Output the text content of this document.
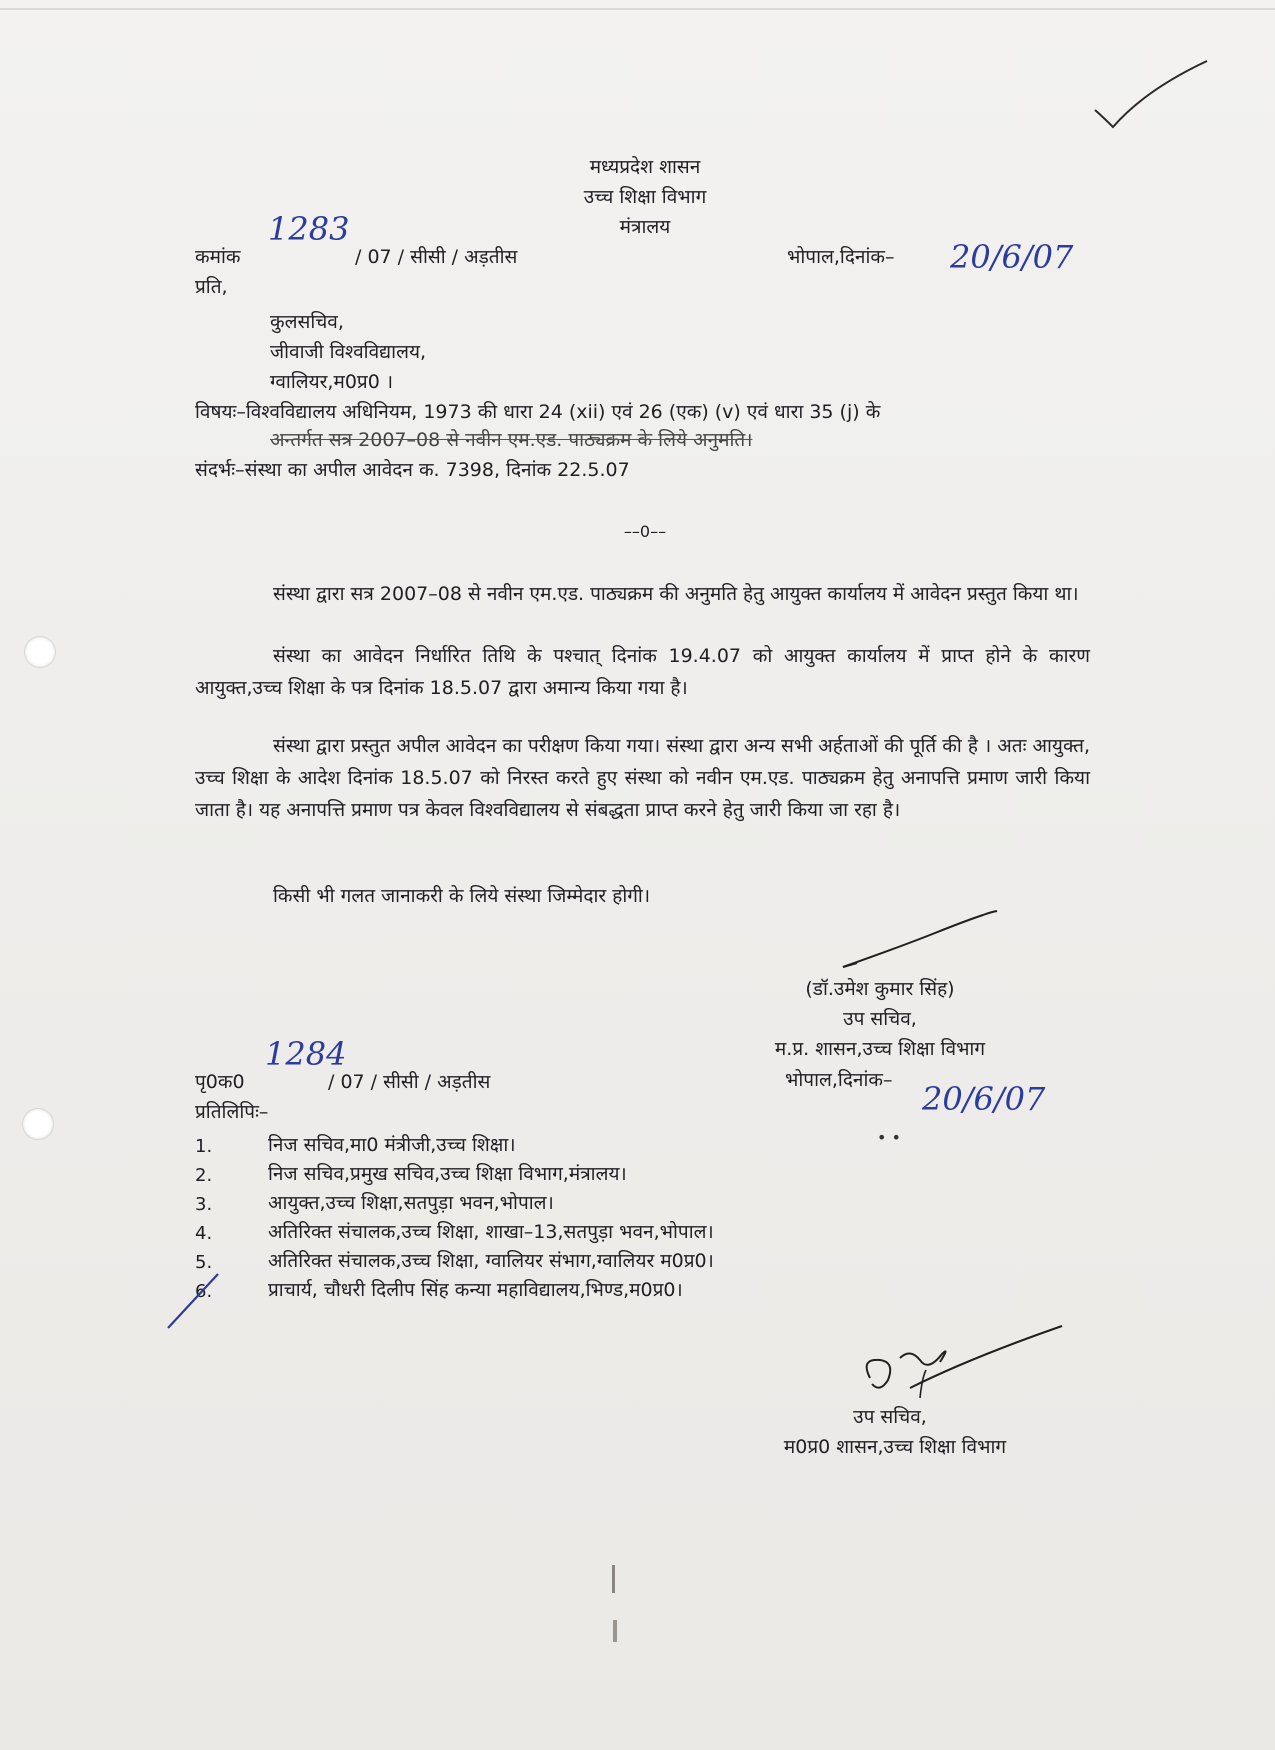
मध्यप्रदेश शासन
उच्च शिक्षा विभाग
मंत्रालय
कमांक
1283
/ 07 / सीसी / अड़तीस	भोपाल,दिनांक– 20/6/07
प्रति,
कुलसचिव,
जीवाजी विश्वविद्यालय,
ग्वालियर,म0प्र0 ।
विषयः–विश्वविद्यालय अधिनियम, 1973 की धारा 24 (xii) एवं 26 (एक) (v) एवं धारा 35 (j) के
अन्तर्गत सत्र 2007–08 से नवीन एम.एड. पाठ्यक्रम के लिये अनुमति।
संदर्भः–संस्था का अपील आवेदन क. 7398, दिनांक 22.5.07
––0––
संस्था द्वारा सत्र 2007–08 से नवीन एम.एड. पाठ्यक्रम की अनुमति हेतु आयुक्त कार्यालय में आवेदन प्रस्तुत किया था।
संस्था का आवेदन निर्धारित तिथि के पश्चात् दिनांक 19.4.07 को आयुक्त कार्यालय में प्राप्त होने के कारण आयुक्त,उच्च शिक्षा के पत्र दिनांक 18.5.07 द्वारा अमान्य किया गया है।
संस्था द्वारा प्रस्तुत अपील आवेदन का परीक्षण किया गया। संस्था द्वारा अन्य सभी अर्हताओं की पूर्ति की है । अतः आयुक्त, उच्च शिक्षा के आदेश दिनांक 18.5.07 को निरस्त करते हुए संस्था को नवीन एम.एड. पाठ्यक्रम हेतु अनापत्ति प्रमाण जारी किया जाता है। यह अनापत्ति प्रमाण पत्र केवल विश्वविद्यालय से संबद्धता प्राप्त करने हेतु जारी किया जा रहा है।
किसी भी गलत जानाकरी के लिये संस्था जिम्मेदार होगी।
(डॉ.उमेश कुमार सिंह)
उप सचिव,
म.प्र. शासन,उच्च शिक्षा विभाग
पृ0क0
1284
/ 07 / सीसी / अड़तीस	भोपाल,दिनांक– 20/6/07
प्रतिलिपिः–
1.	निज सचिव,मा0 मंत्रीजी,उच्च शिक्षा।
2.	निज सचिव,प्रमुख सचिव,उच्च शिक्षा विभाग,मंत्रालय।
3.	आयुक्त,उच्च शिक्षा,सतपुड़ा भवन,भोपाल।
4.	अतिरिक्त संचालक,उच्च शिक्षा, शाखा–13,सतपुड़ा भवन,भोपाल।
5.	अतिरिक्त संचालक,उच्च शिक्षा, ग्वालियर संभाग,ग्वालियर म0प्र0।
6.	प्राचार्य, चौधरी दिलीप सिंह कन्या महाविद्यालय,भिण्ड,म0प्र0।
• •
उप सचिव,
म0प्र0 शासन,उच्च शिक्षा विभाग
